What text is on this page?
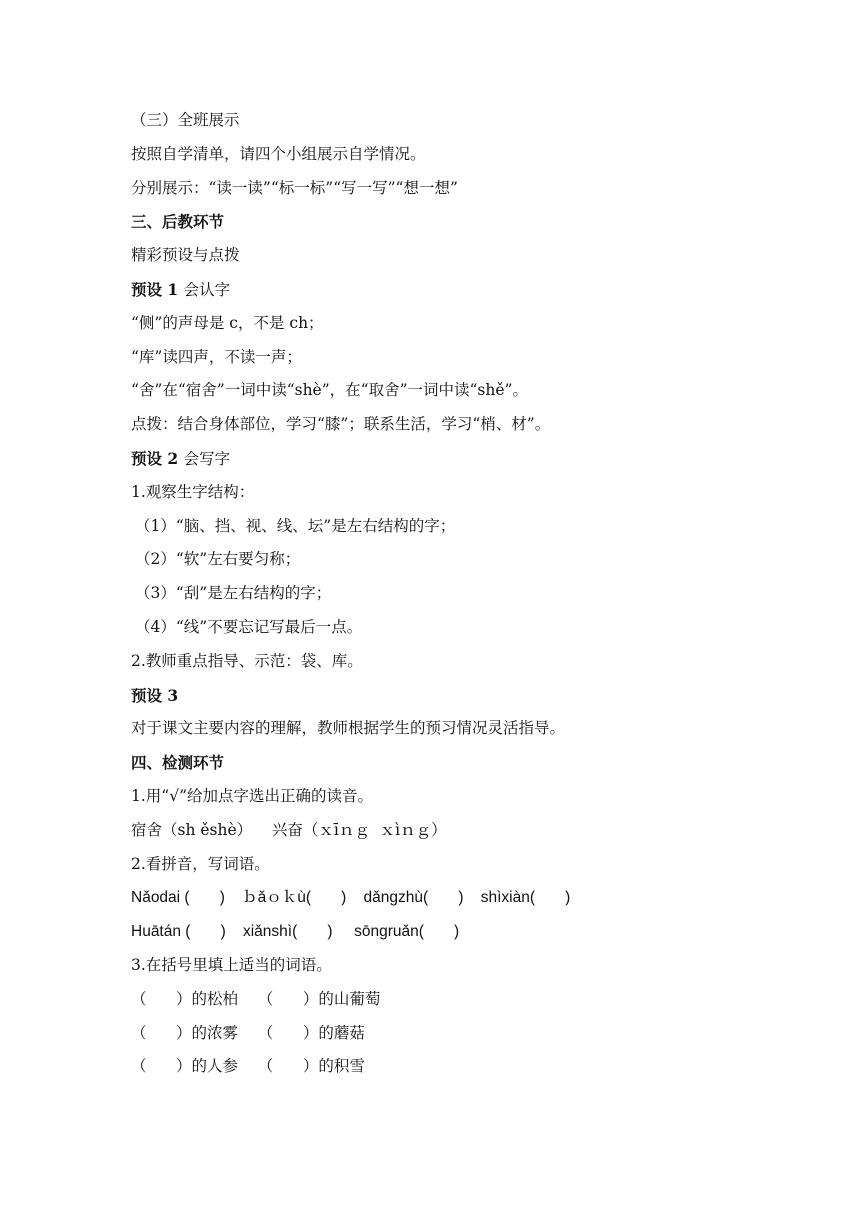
（三）全班展示
按照自学清单，请四个小组展示自学情况。
分别展示：“读一读”“标一标”“写一写”“想一想”
三、后教环节
精彩预设与点拨
预设 1 会认字
“侧”的声母是 c，不是 ch；
“库”读四声，不读一声；
“舍”在“宿舍”一词中读“shè”，在“取舍”一词中读“shě”。
点拨：结合身体部位，学习“膝”；联系生活，学习“梢、材”。
预设 2 会写字
1.观察生字结构：
（1）“脑、挡、视、线、坛”是左右结构的字；
（2）“软”左右要匀称；
（3）“刮”是左右结构的字；
（4）“线”不要忘记写最后一点。
2.教师重点指导、示范：袋、库。
预设 3
对于课文主要内容的理解，教师根据学生的预习情况灵活指导。
四、检测环节
1.用“√”给加点字选出正确的读音。
宿舍（sh ěshè）    兴奋（ｘīｎｇ  ｘìｎｇ）
2.看拼音，写词语。
Nǎodai (       )    ｂǎｏｋù(       )    dǎngzhù(       )    shìxiàn(       )
Huātán (       )    xiǎnshì(       )     sōngruǎn(       )
3.在括号里填上适当的词语。
（      ）的松柏    （      ）的山葡萄
（      ）的浓雾    （      ）的蘑菇
（      ）的人参    （      ）的积雪
